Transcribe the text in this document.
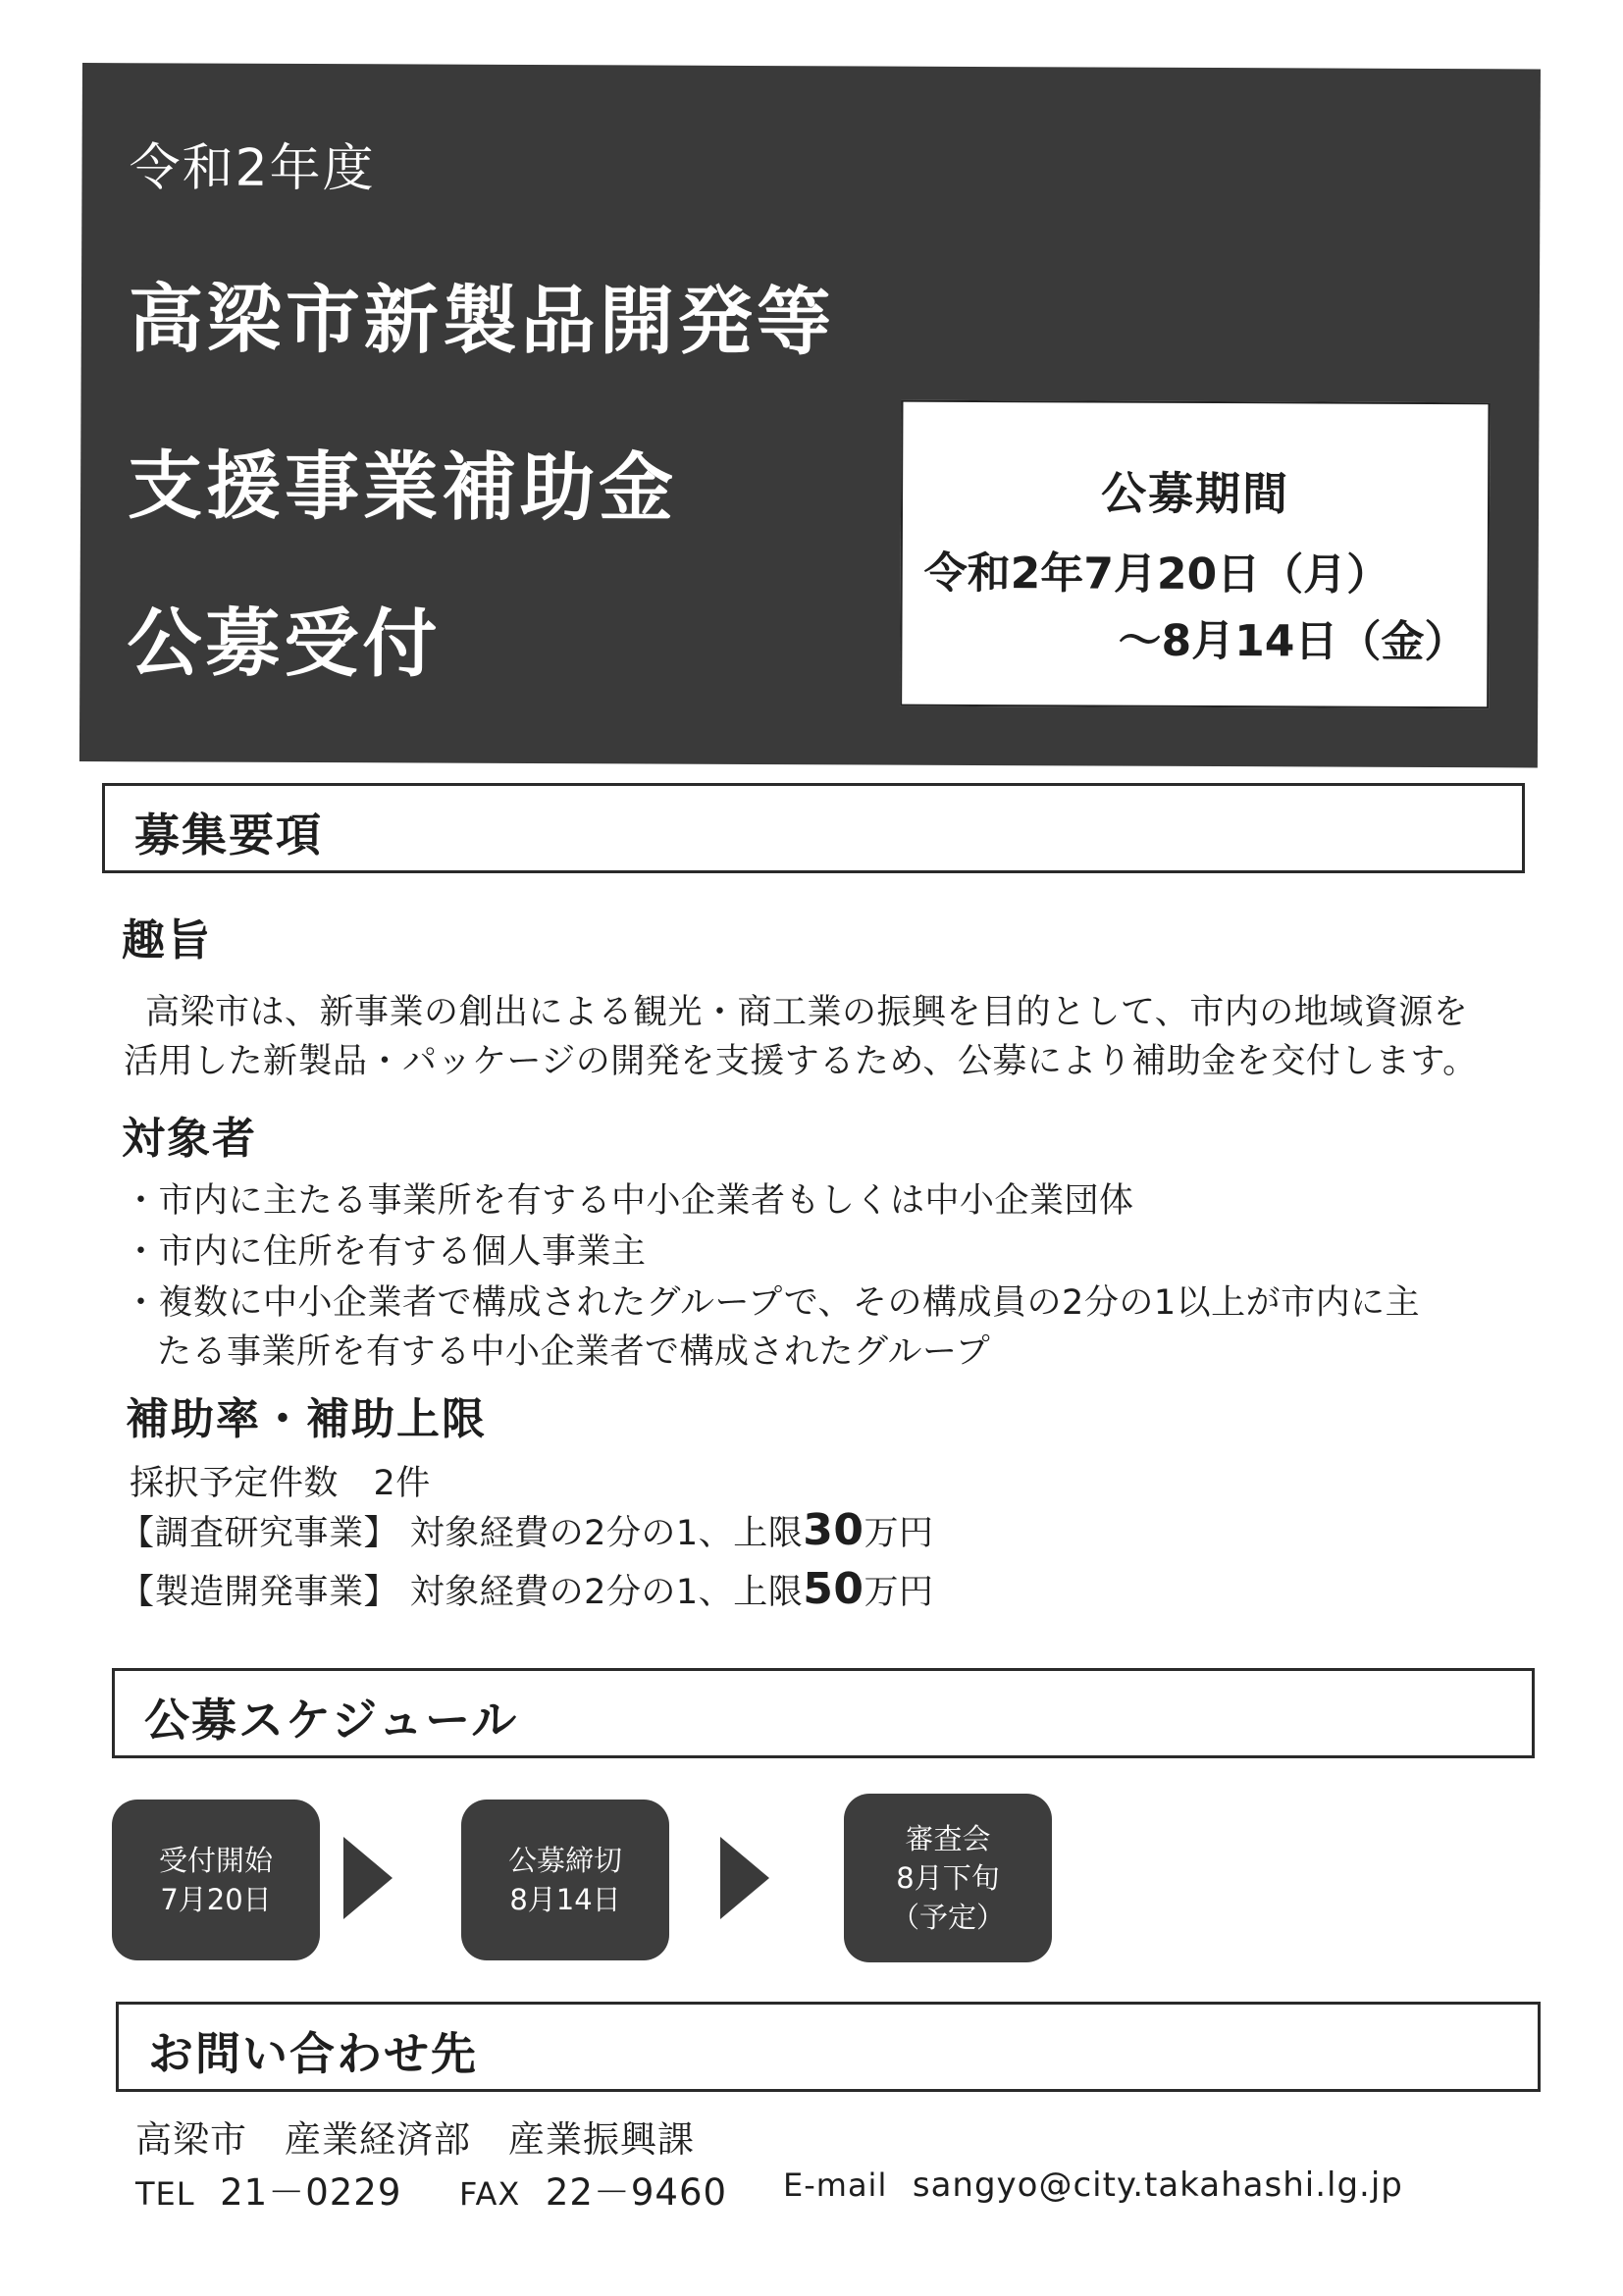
令和2年度
高梁市新製品開発等
支援事業補助金
公募受付
公募期間
令和2年7月20日（月）
～8月14日（金）
募集要項
趣旨
高梁市は、新事業の創出による観光・商工業の振興を目的として、市内の地域資源を
活用した新製品・パッケージの開発を支援するため、公募により補助金を交付します。
対象者
・市内に主たる事業所を有する中小企業者もしくは中小企業団体
・市内に住所を有する個人事業主
・複数に中小企業者で構成されたグループで、その構成員の2分の1以上が市内に主
たる事業所を有する中小企業者で構成されたグループ
補助率・補助上限
採択予定件数　2件
【調査研究事業】 対象経費の2分の1、上限30万円
【製造開発事業】 対象経費の2分の1、上限50万円
公募スケジュール
受付開始
7月20日
公募締切
8月14日
審査会
8月下旬
（予定）
お問い合わせ先
高梁市　産業経済部　産業振興課
TEL 21－0229 FAX 22－9460 E-mail sangyo@city.takahashi.lg.jp
